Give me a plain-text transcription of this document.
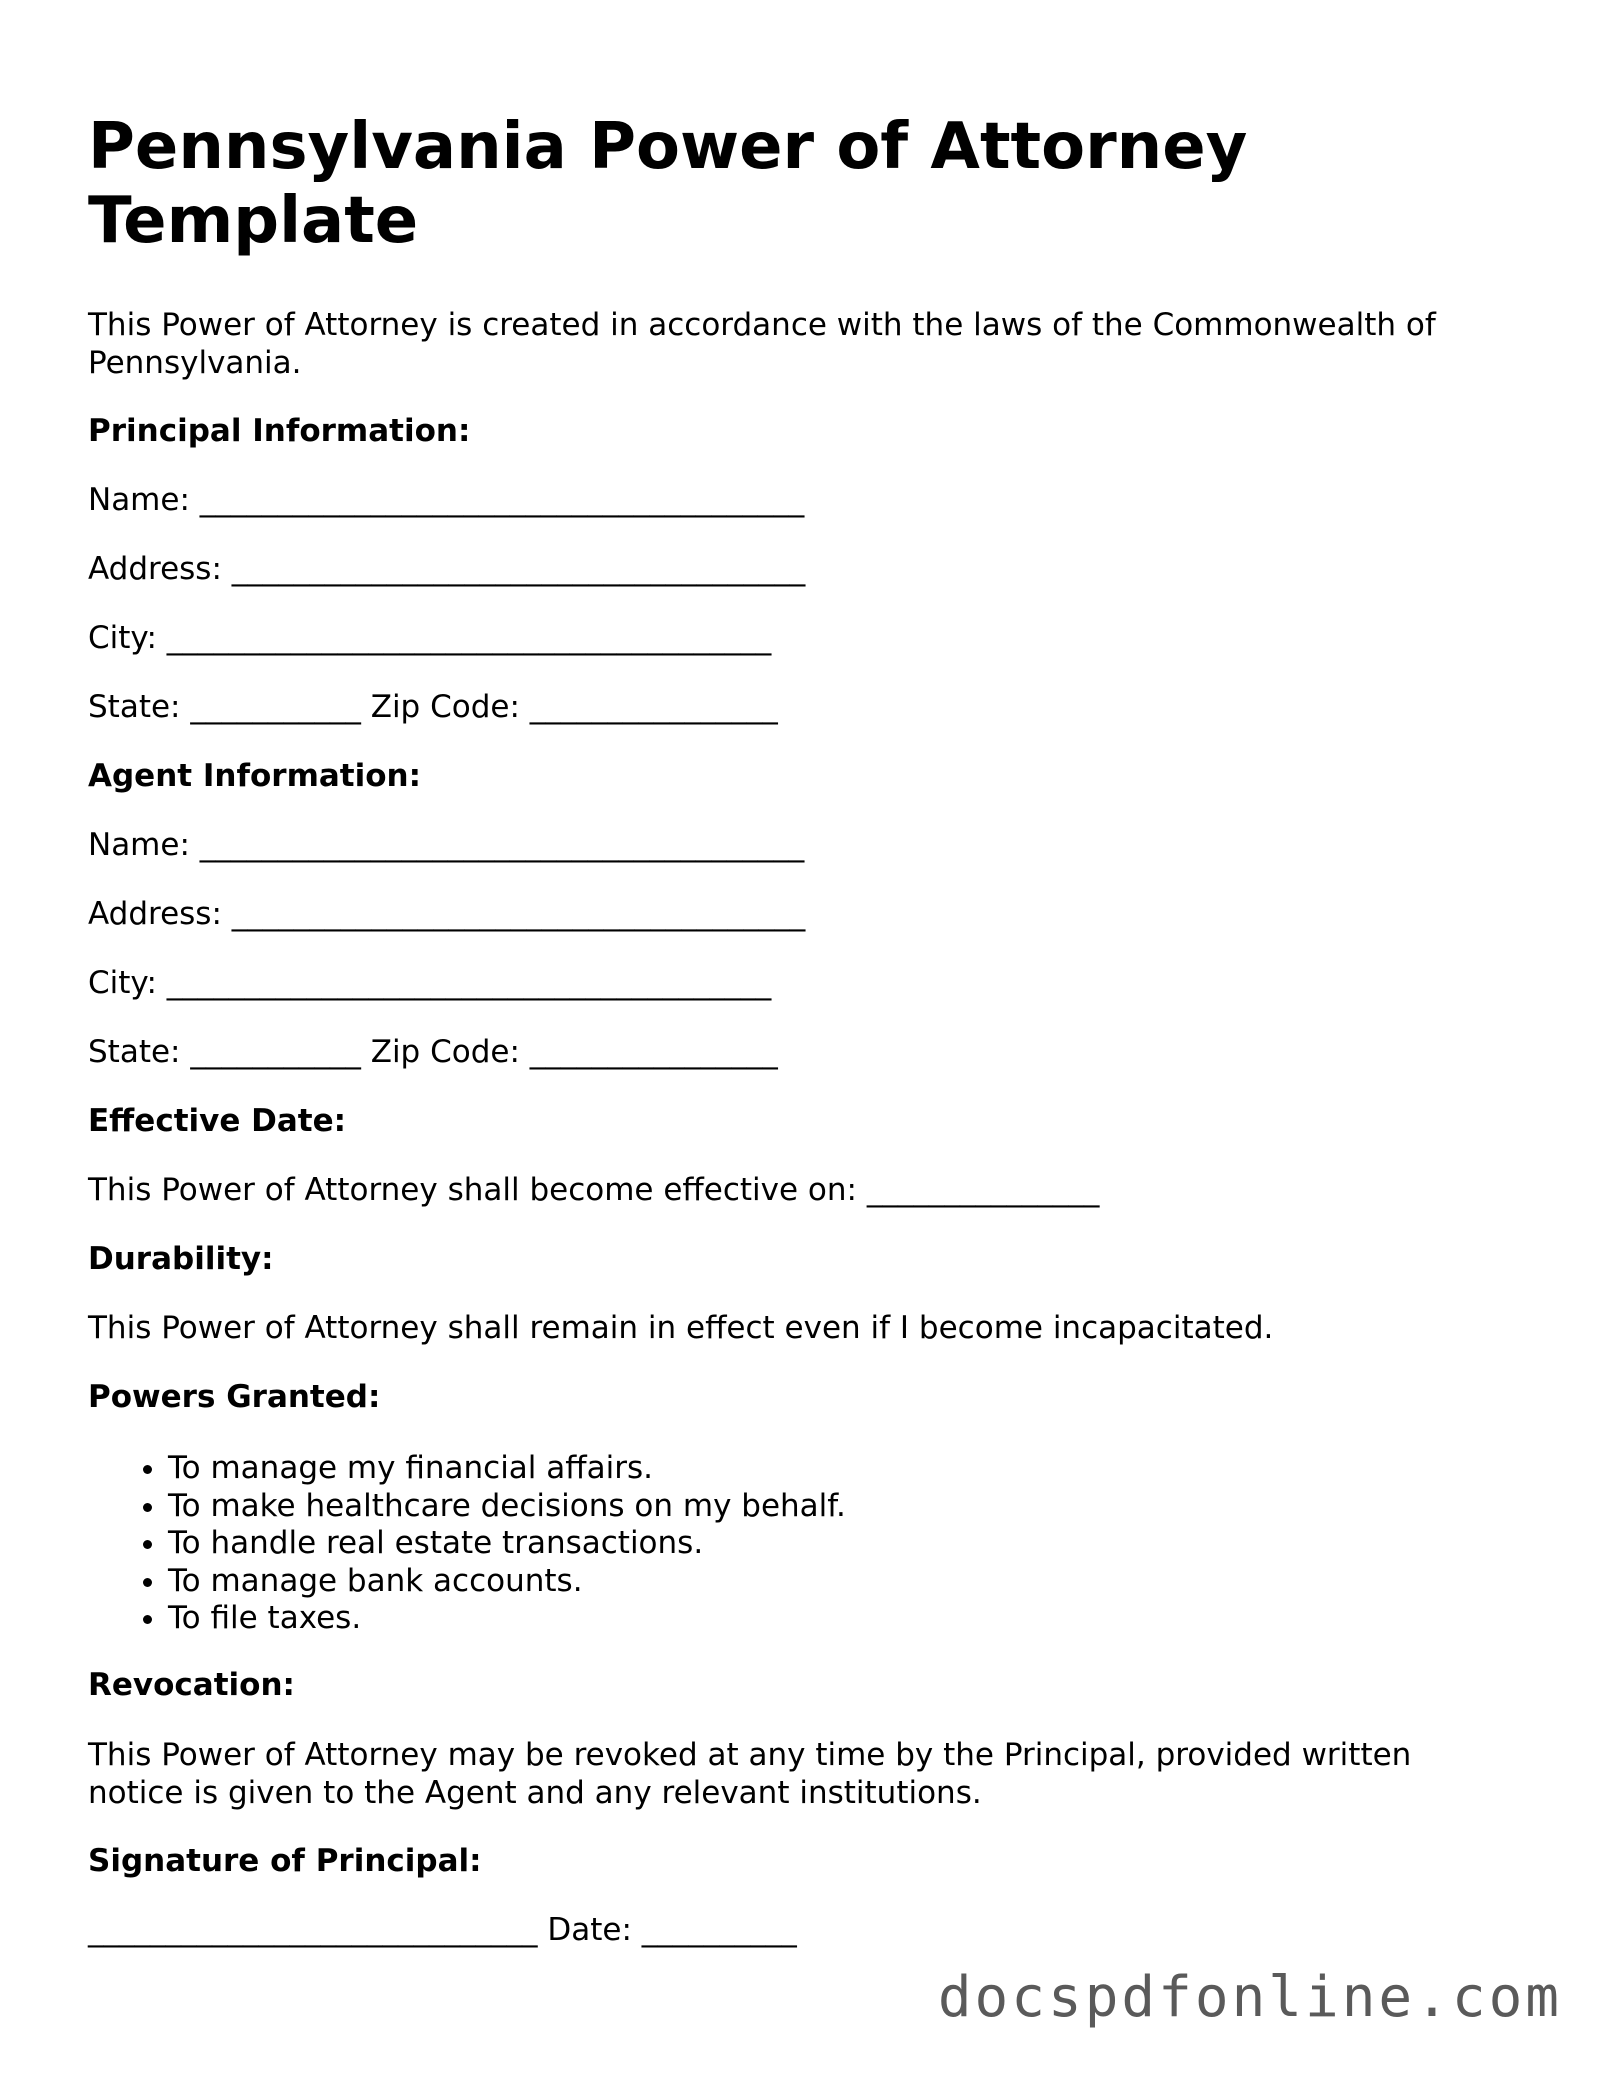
Pennsylvania Power of Attorney Template
This Power of Attorney is created in accordance with the laws of the Commonwealth of Pennsylvania.
Principal Information:
Name: _______________________________________
Address: _____________________________________
City: _______________________________________
State: ___________ Zip Code: ________________
Agent Information:
Name: _______________________________________
Address: _____________________________________
City: _______________________________________
State: ___________ Zip Code: ________________
Effective Date:
This Power of Attorney shall become effective on: _______________
Durability:
This Power of Attorney shall remain in effect even if I become incapacitated.
Powers Granted:
• To manage my financial affairs.
• To make healthcare decisions on my behalf.
• To handle real estate transactions.
• To manage bank accounts.
• To file taxes.
Revocation:
This Power of Attorney may be revoked at any time by the Principal, provided written notice is given to the Agent and any relevant institutions.
Signature of Principal:
_____________________________ Date: __________
docspdfonline.com
